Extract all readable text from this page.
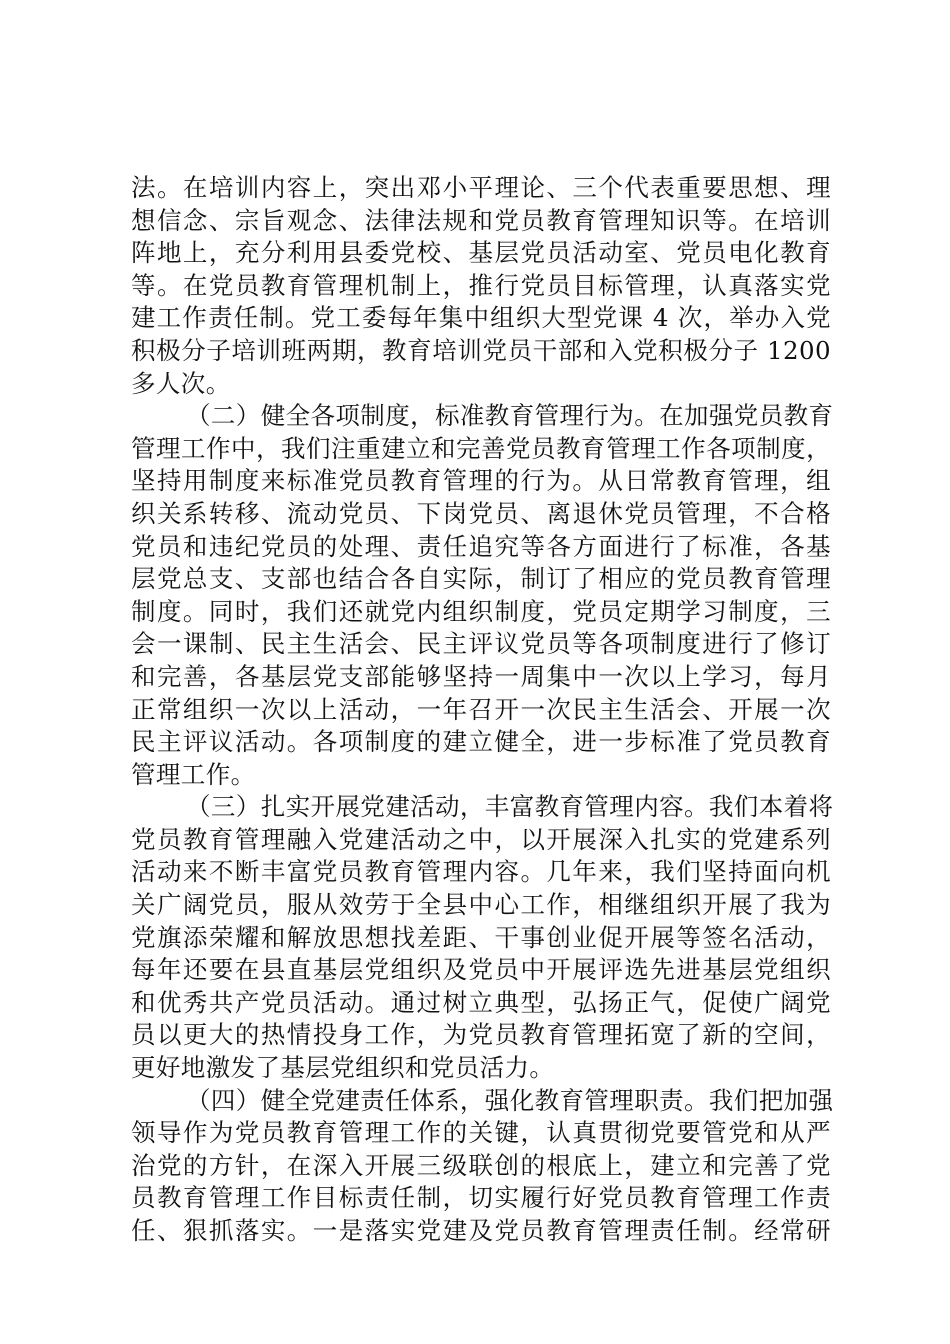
法。在培训内容上，突出邓小平理论、三个代表重要思想、理
想信念、宗旨观念、法律法规和党员教育管理知识等。在培训
阵地上，充分利用县委党校、基层党员活动室、党员电化教育
等。在党员教育管理机制上，推行党员目标管理，认真落实党
建工作责任制。党工委每年集中组织大型党课 4 次，举办入党
积极分子培训班两期，教育培训党员干部和入党积极分子 1200
多人次。
（二）健全各项制度，标准教育管理行为。在加强党员教育
管理工作中，我们注重建立和完善党员教育管理工作各项制度，
坚持用制度来标准党员教育管理的行为。从日常教育管理，组
织关系转移、流动党员、下岗党员、离退休党员管理，不合格
党员和违纪党员的处理、责任追究等各方面进行了标准，各基
层党总支、支部也结合各自实际，制订了相应的党员教育管理
制度。同时，我们还就党内组织制度，党员定期学习制度，三
会一课制、民主生活会、民主评议党员等各项制度进行了修订
和完善，各基层党支部能够坚持一周集中一次以上学习，每月
正常组织一次以上活动，一年召开一次民主生活会、开展一次
民主评议活动。各项制度的建立健全，进一步标准了党员教育
管理工作。
（三）扎实开展党建活动，丰富教育管理内容。我们本着将
党员教育管理融入党建活动之中，以开展深入扎实的党建系列
活动来不断丰富党员教育管理内容。几年来，我们坚持面向机
关广阔党员，服从效劳于全县中心工作，相继组织开展了我为
党旗添荣耀和解放思想找差距、干事创业促开展等签名活动，
每年还要在县直基层党组织及党员中开展评选先进基层党组织
和优秀共产党员活动。通过树立典型，弘扬正气，促使广阔党
员以更大的热情投身工作，为党员教育管理拓宽了新的空间，
更好地激发了基层党组织和党员活力。
（四）健全党建责任体系，强化教育管理职责。我们把加强
领导作为党员教育管理工作的关键，认真贯彻党要管党和从严
治党的方针，在深入开展三级联创的根底上，建立和完善了党
员教育管理工作目标责任制，切实履行好党员教育管理工作责
任、狠抓落实。一是落实党建及党员教育管理责任制。经常研
